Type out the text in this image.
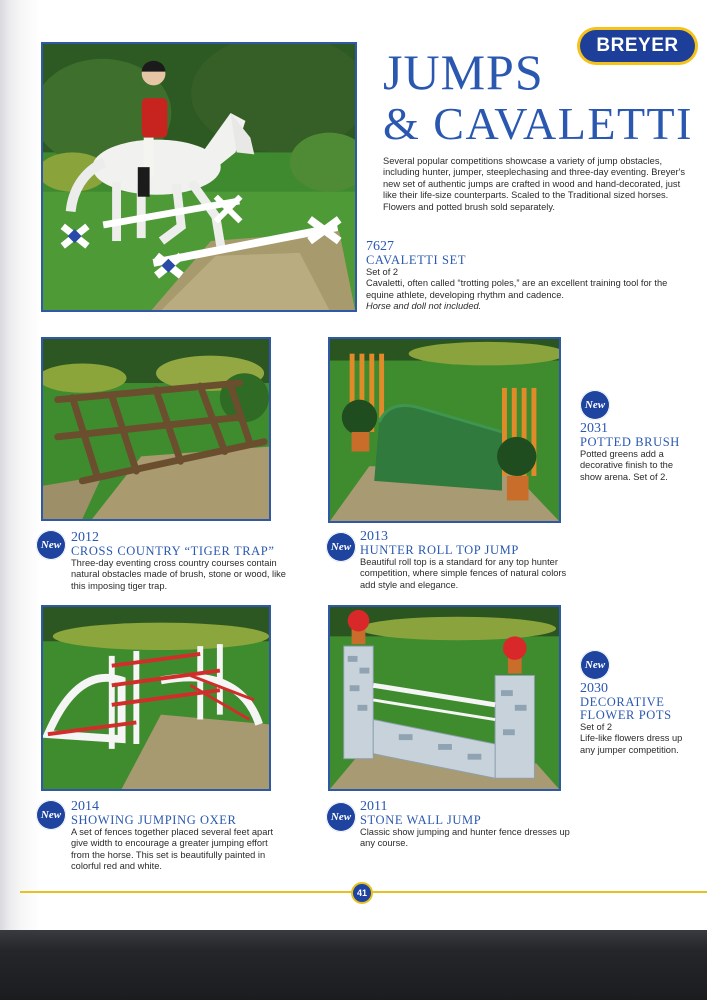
BREYER
JUMPS
& CAVALETTI
Several popular competitions showcase a variety of jump obstacles, including hunter, jumper, steeplechasing and three-day eventing. Breyer's new set of authentic jumps are crafted in wood and hand-decorated, just like their life-size counterparts. Scaled to the Traditional sized horses. Flowers and potted brush sold separately.
7627
CAVALETTI SET
Set of 2
Cavaletti, often called “trotting poles,” are an excellent training tool for the equine athlete, developing rhythm and cadence.
Horse and doll not included.
New 2012
CROSS COUNTRY “TIGER TRAP”
Three-day eventing cross country courses contain natural obstacles made of brush, stone or wood, like this imposing tiger trap.
New
2013
HUNTER ROLL TOP JUMP
Beautiful roll top is a standard for any top hunter competition, where simple fences of natural colors add style and elegance.
New
2031
POTTED BRUSH
Potted greens add a decorative finish to the show arena. Set of 2.
New
2014
SHOWING JUMPING OXER
A set of fences together placed several feet apart give width to encourage a greater jumping effort from the horse. This set is beautifully painted in colorful red and white.
New
2011
STONE WALL JUMP
Classic show jumping and hunter fence dresses up any course.
New
2030
DECORATIVE
FLOWER POTS
Set of 2
Life-like flowers dress up any jumper competition.
41
